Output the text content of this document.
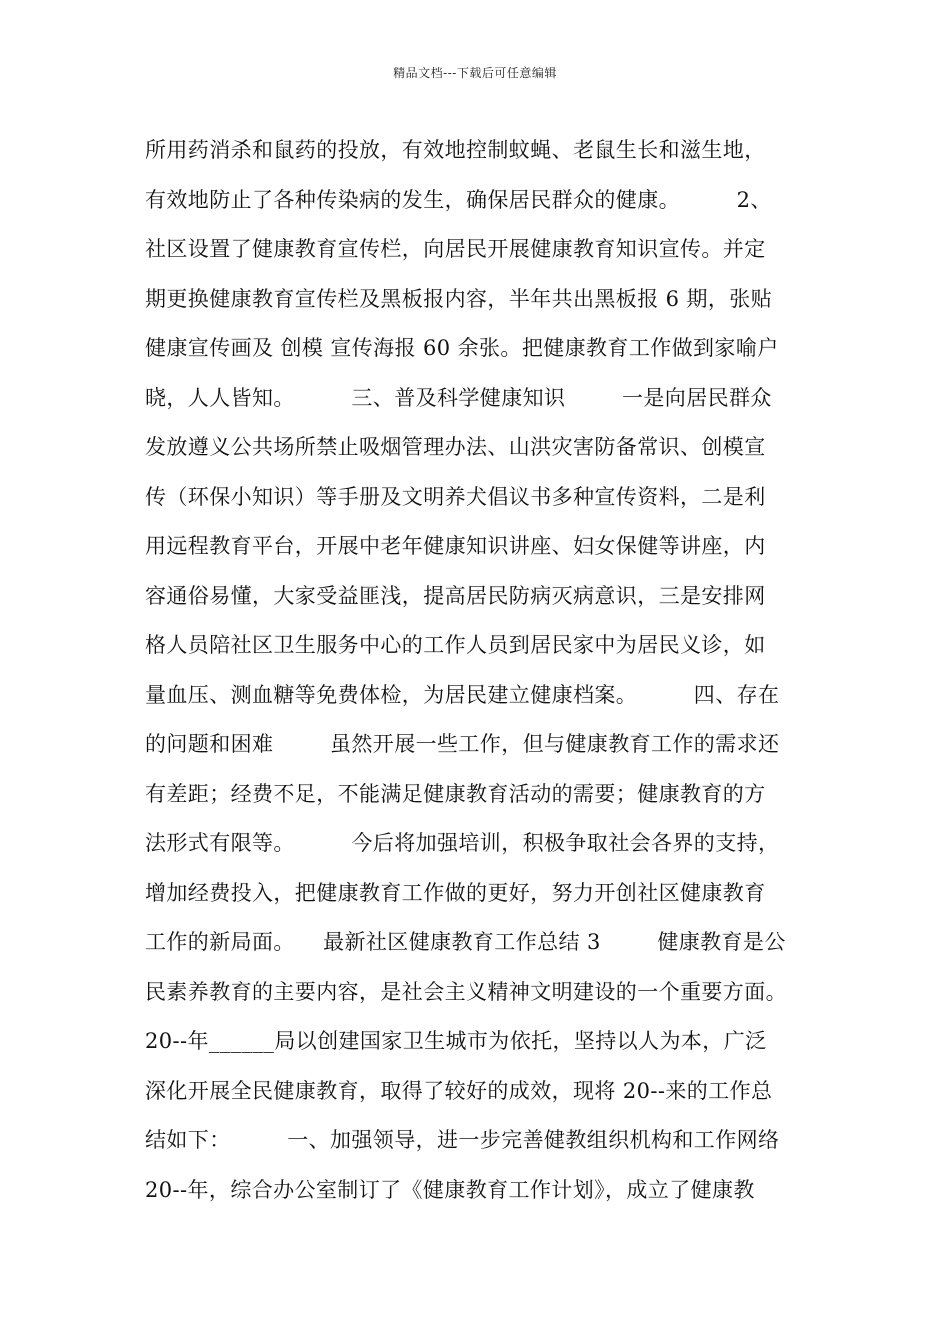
精品文档---下载后可任意编辑
所用药消杀和鼠药的投放，有效地控制蚊蝇、老鼠生长和滋生地，
有效地防止了各种传染病的发生，确保居民群众的健康。        2、
社区设置了健康教育宣传栏，向居民开展健康教育知识宣传。并定
期更换健康教育宣传栏及黑板报内容，半年共出黑板报 6 期，张贴
健康宣传画及 创模 宣传海报 60 余张。把健康教育工作做到家喻户
晓，人人皆知。        三、普及科学健康知识        一是向居民群众
发放遵义公共场所禁止吸烟管理办法、山洪灾害防备常识、创模宣
传（环保小知识）等手册及文明养犬倡议书多种宣传资料，二是利
用远程教育平台，开展中老年健康知识讲座、妇女保健等讲座，内
容通俗易懂，大家受益匪浅，提高居民防病灭病意识，三是安排网
格人员陪社区卫生服务中心的工作人员到居民家中为居民义诊，如
量血压、测血糖等免费体检，为居民建立健康档案。        四、存在
的问题和困难        虽然开展一些工作，但与健康教育工作的需求还
有差距；经费不足，不能满足健康教育活动的需要；健康教育的方
法形式有限等。        今后将加强培训，积极争取社会各界的支持，
增加经费投入，把健康教育工作做的更好，努力开创社区健康教育
工作的新局面。    最新社区健康教育工作总结 3        健康教育是公
民素养教育的主要内容，是社会主义精神文明建设的一个重要方面。
20--年______局以创建国家卫生城市为依托，坚持以人为本，广泛
深化开展全民健康教育，取得了较好的成效，现将 20--来的工作总
结如下：        一、加强领导，进一步完善健教组织机构和工作网络
20--年，综合办公室制订了《健康教育工作计划》，成立了健康教
